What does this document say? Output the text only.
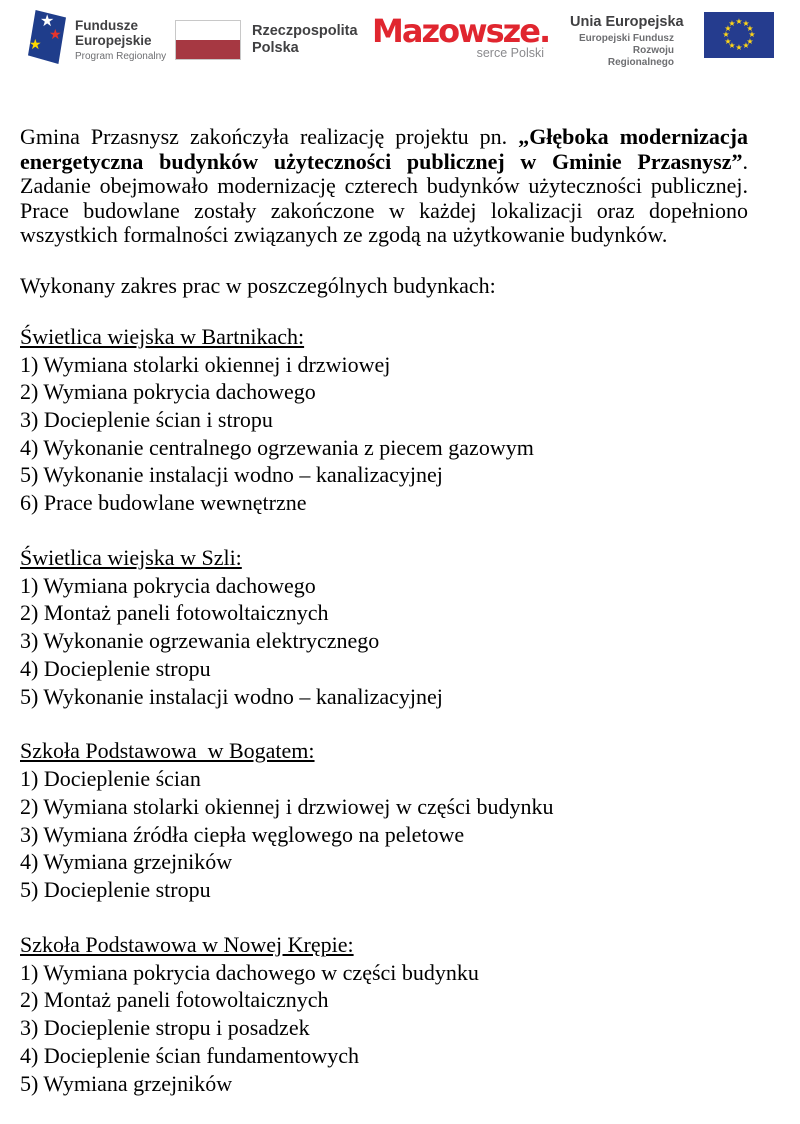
★
★
★
Fundusze
Europejskie
Program Regionalny
Rzeczpospolita
Polska	Mazowsze.
serce Polski
Unia Europejska
Europejski Fundusz
Rozwoju Regionalnego
★ ★
★
★
★
★
★
★
★
★
★
★

Gmina Przasnysz zakończyła realizację projektu pn. „Głęboka modernizacja energetyczna budynków użyteczności publicznej w Gminie Przasnysz”. Zadanie obejmowało modernizację czterech budynków użyteczności publicznej. Prace budowlane zostały zakończone w każdej lokalizacji oraz dopełniono wszystkich formalności związanych ze zgodą na użytkowanie budynków.

Wykonany zakres prac w poszczególnych budynkach:

Świetlica wiejska w Bartnikach:
1) Wymiana stolarki okiennej i drzwiowej
2) Wymiana pokrycia dachowego
3) Docieplenie ścian i stropu
4) Wykonanie centralnego ogrzewania z piecem gazowym
5) Wykonanie instalacji wodno – kanalizacyjnej
6) Prace budowlane wewnętrzne
Świetlica wiejska w Szli:
1) Wymiana pokrycia dachowego
2) Montaż paneli fotowoltaicznych
3) Wykonanie ogrzewania elektrycznego
4) Docieplenie stropu
5) Wykonanie instalacji wodno – kanalizacyjnej
Szkoła Podstawowa  w Bogatem:
1) Docieplenie ścian
2) Wymiana stolarki okiennej i drzwiowej w części budynku
3) Wymiana źródła ciepła węglowego na peletowe
4) Wymiana grzejników
5) Docieplenie stropu
Szkoła Podstawowa w Nowej Krępie:
1) Wymiana pokrycia dachowego w części budynku
2) Montaż paneli fotowoltaicznych
3) Docieplenie stropu i posadzek
4) Docieplenie ścian fundamentowych
5) Wymiana grzejników
